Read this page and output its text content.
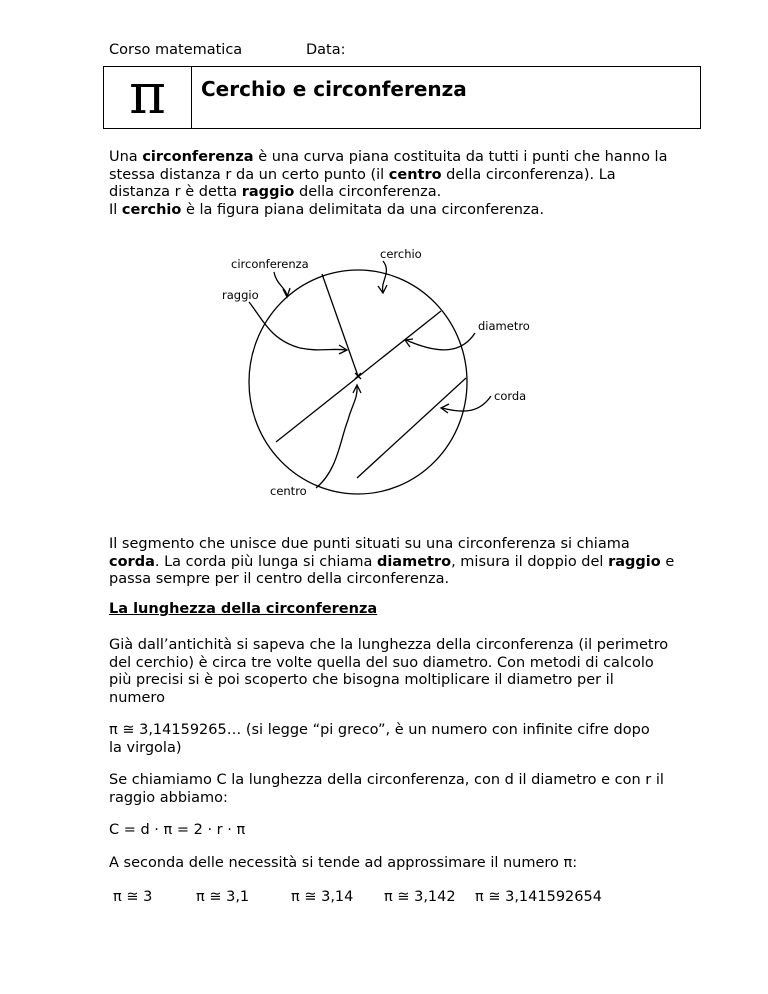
Corso matematica	Data:
π	Cerchio e circonferenza
Una circonferenza è una curva piana costituita da tutti i punti che hanno la
stessa distanza r da un certo punto (il centro della circonferenza). La
distanza r è detta raggio della circonferenza.
Il cerchio è la figura piana delimitata da una circonferenza.
circonferenza
cerchio
raggio
diametro
corda
centro
Il segmento che unisce due punti situati su una circonferenza si chiama
corda. La corda più lunga si chiama diametro, misura il doppio del raggio e
passa sempre per il centro della circonferenza.
La lunghezza della circonferenza
Già dall’antichità si sapeva che la lunghezza della circonferenza (il perimetro
del cerchio) è circa tre volte quella del suo diametro. Con metodi di calcolo
più precisi si è poi scoperto che bisogna moltiplicare il diametro per il
numero
π ≅ 3,14159265… (si legge “pi greco”, è un numero con infinite cifre dopo
la virgola)
Se chiamiamo C la lunghezza della circonferenza, con d il diametro e con r il
raggio abbiamo:
C = d · π = 2 · r · π
A seconda delle necessità si tende ad approssimare il numero π:
π ≅ 3	π ≅ 3,1	π ≅ 3,14 π ≅ 3,142 π ≅ 3,141592654
